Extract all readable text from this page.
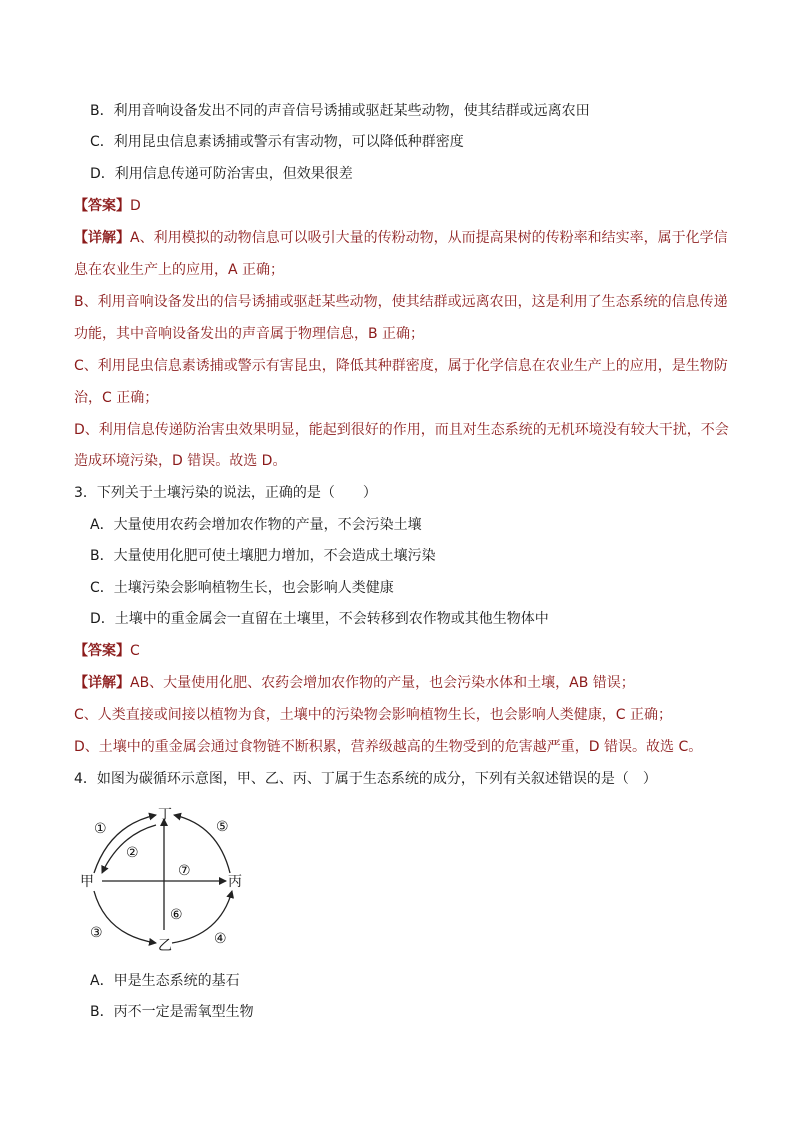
B．利用音响设备发出不同的声音信号诱捕或驱赶某些动物，使其结群或远离农田
C．利用昆虫信息素诱捕或警示有害动物，可以降低种群密度
D．利用信息传递可防治害虫，但效果很差
【答案】D
【详解】A、利用模拟的动物信息可以吸引大量的传粉动物，从而提高果树的传粉率和结实率，属于化学信
息在农业生产上的应用，A 正确；
B、利用音响设备发出的信号诱捕或驱赶某些动物，使其结群或远离农田，这是利用了生态系统的信息传递
功能，其中音响设备发出的声音属于物理信息，B 正确；
C、利用昆虫信息素诱捕或警示有害昆虫，降低其种群密度，属于化学信息在农业生产上的应用，是生物防
治，C 正确；
D、利用信息传递防治害虫效果明显，能起到很好的作用，而且对生态系统的无机环境没有较大干扰，不会
造成环境污染，D 错误。故选 D。
3．下列关于土壤污染的说法，正确的是（　　）
A．大量使用农药会增加农作物的产量，不会污染土壤
B．大量使用化肥可使土壤肥力增加，不会造成土壤污染
C．土壤污染会影响植物生长，也会影响人类健康
D．土壤中的重金属会一直留在土壤里，不会转移到农作物或其他生物体中
【答案】C
【详解】AB、大量使用化肥、农药会增加农作物的产量，也会污染水体和土壤，AB 错误；
C、人类直接或间接以植物为食，土壤中的污染物会影响植物生长，也会影响人类健康，C 正确；
D、土壤中的重金属会通过食物链不断积累，营养级越高的生物受到的危害越严重，D 错误。故选 C。
4．如图为碳循环示意图，甲、乙、丙、丁属于生态系统的成分，下列有关叙述错误的是（　）
丁
甲	丙
乙
①
②
③	④
⑤
⑥
⑦
A．甲是生态系统的基石
B．丙不一定是需氧型生物
